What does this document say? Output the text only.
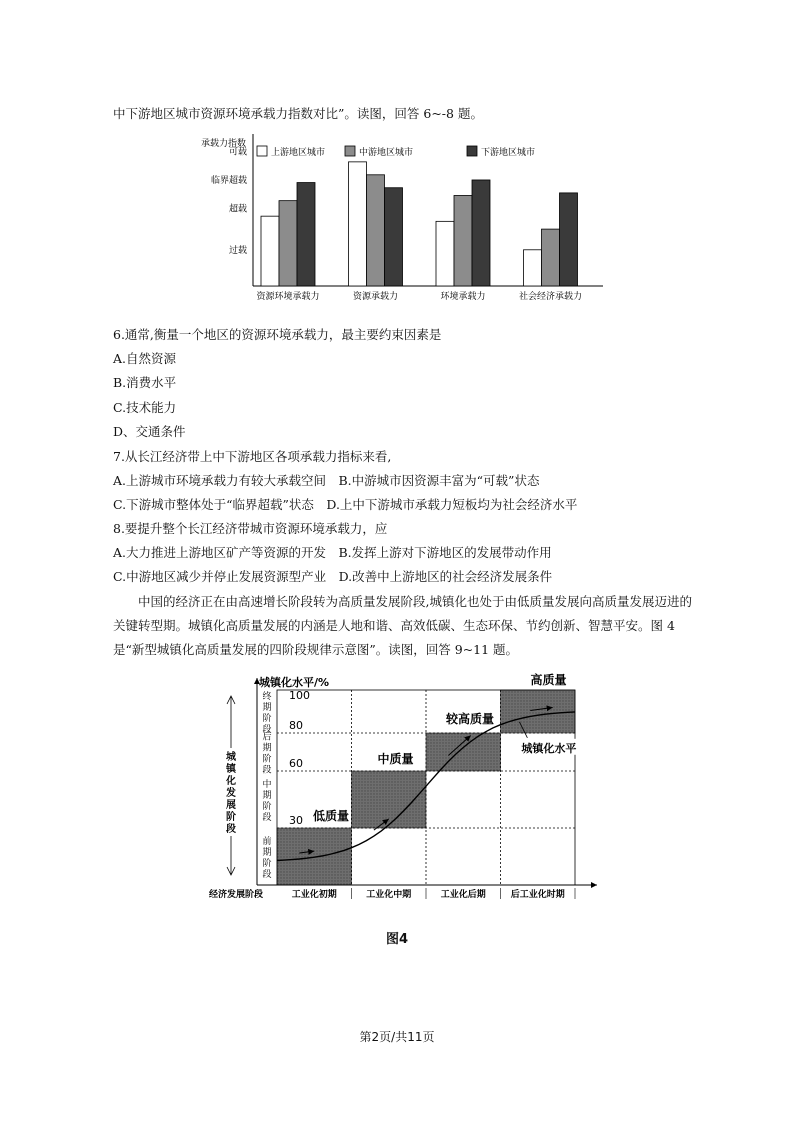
中下游地区城市资源环境承载力指数对比”。读图，回答 6~-8 题。
承载力指数
可载
临界超载
超载
过载
上游地区城市	中游地区城市	下游地区城市
资源环境承载力	资源承载力	环境承载力	社会经济承载力
6.通常,衡量一个地区的资源环境承载力，最主要约束因素是
A.自然资源
B.消费水平
C.技术能力
D、交通条件
7.从长江经济带上中下游地区各项承载力指标来看,
A.上游城市环境承载力有较大承载空间　B.中游城市因资源丰富为“可载”状态
C.下游城市整体处于“临界超载”状态　D.上中下游城市承载力短板均为社会经济水平
8.要提升整个长江经济带城市资源环境承载力，应
A.大力推进上游地区矿产等资源的开发　B.发挥上游对下游地区的发展带动作用
C.中游地区减少并停止发展资源型产业　D.改善中上游地区的社会经济发展条件
中国的经济正在由高速增长阶段转为高质量发展阶段,城镇化也处于由低质量发展向高质量发展迈进的关键转型期。城镇化高质量发展的内涵是人地和谐、高效低碳、生态环保、节约创新、智慧平安。图 4 是“新型城镇化高质量发展的四阶段规律示意图”。读图，回答 9~11 题。
城镇化水平/%
100
80
60
30
终
期
阶
段
后
期
阶
段
中
期
阶
段
前
期
阶
段
城
镇
化
发
展
阶
段
经济发展阶段	工业化初期	工业化中期	工业化后期	后工业化时期
低质量
中质量
较高质量
高质量
城镇化水平
图4
第2页/共11页
